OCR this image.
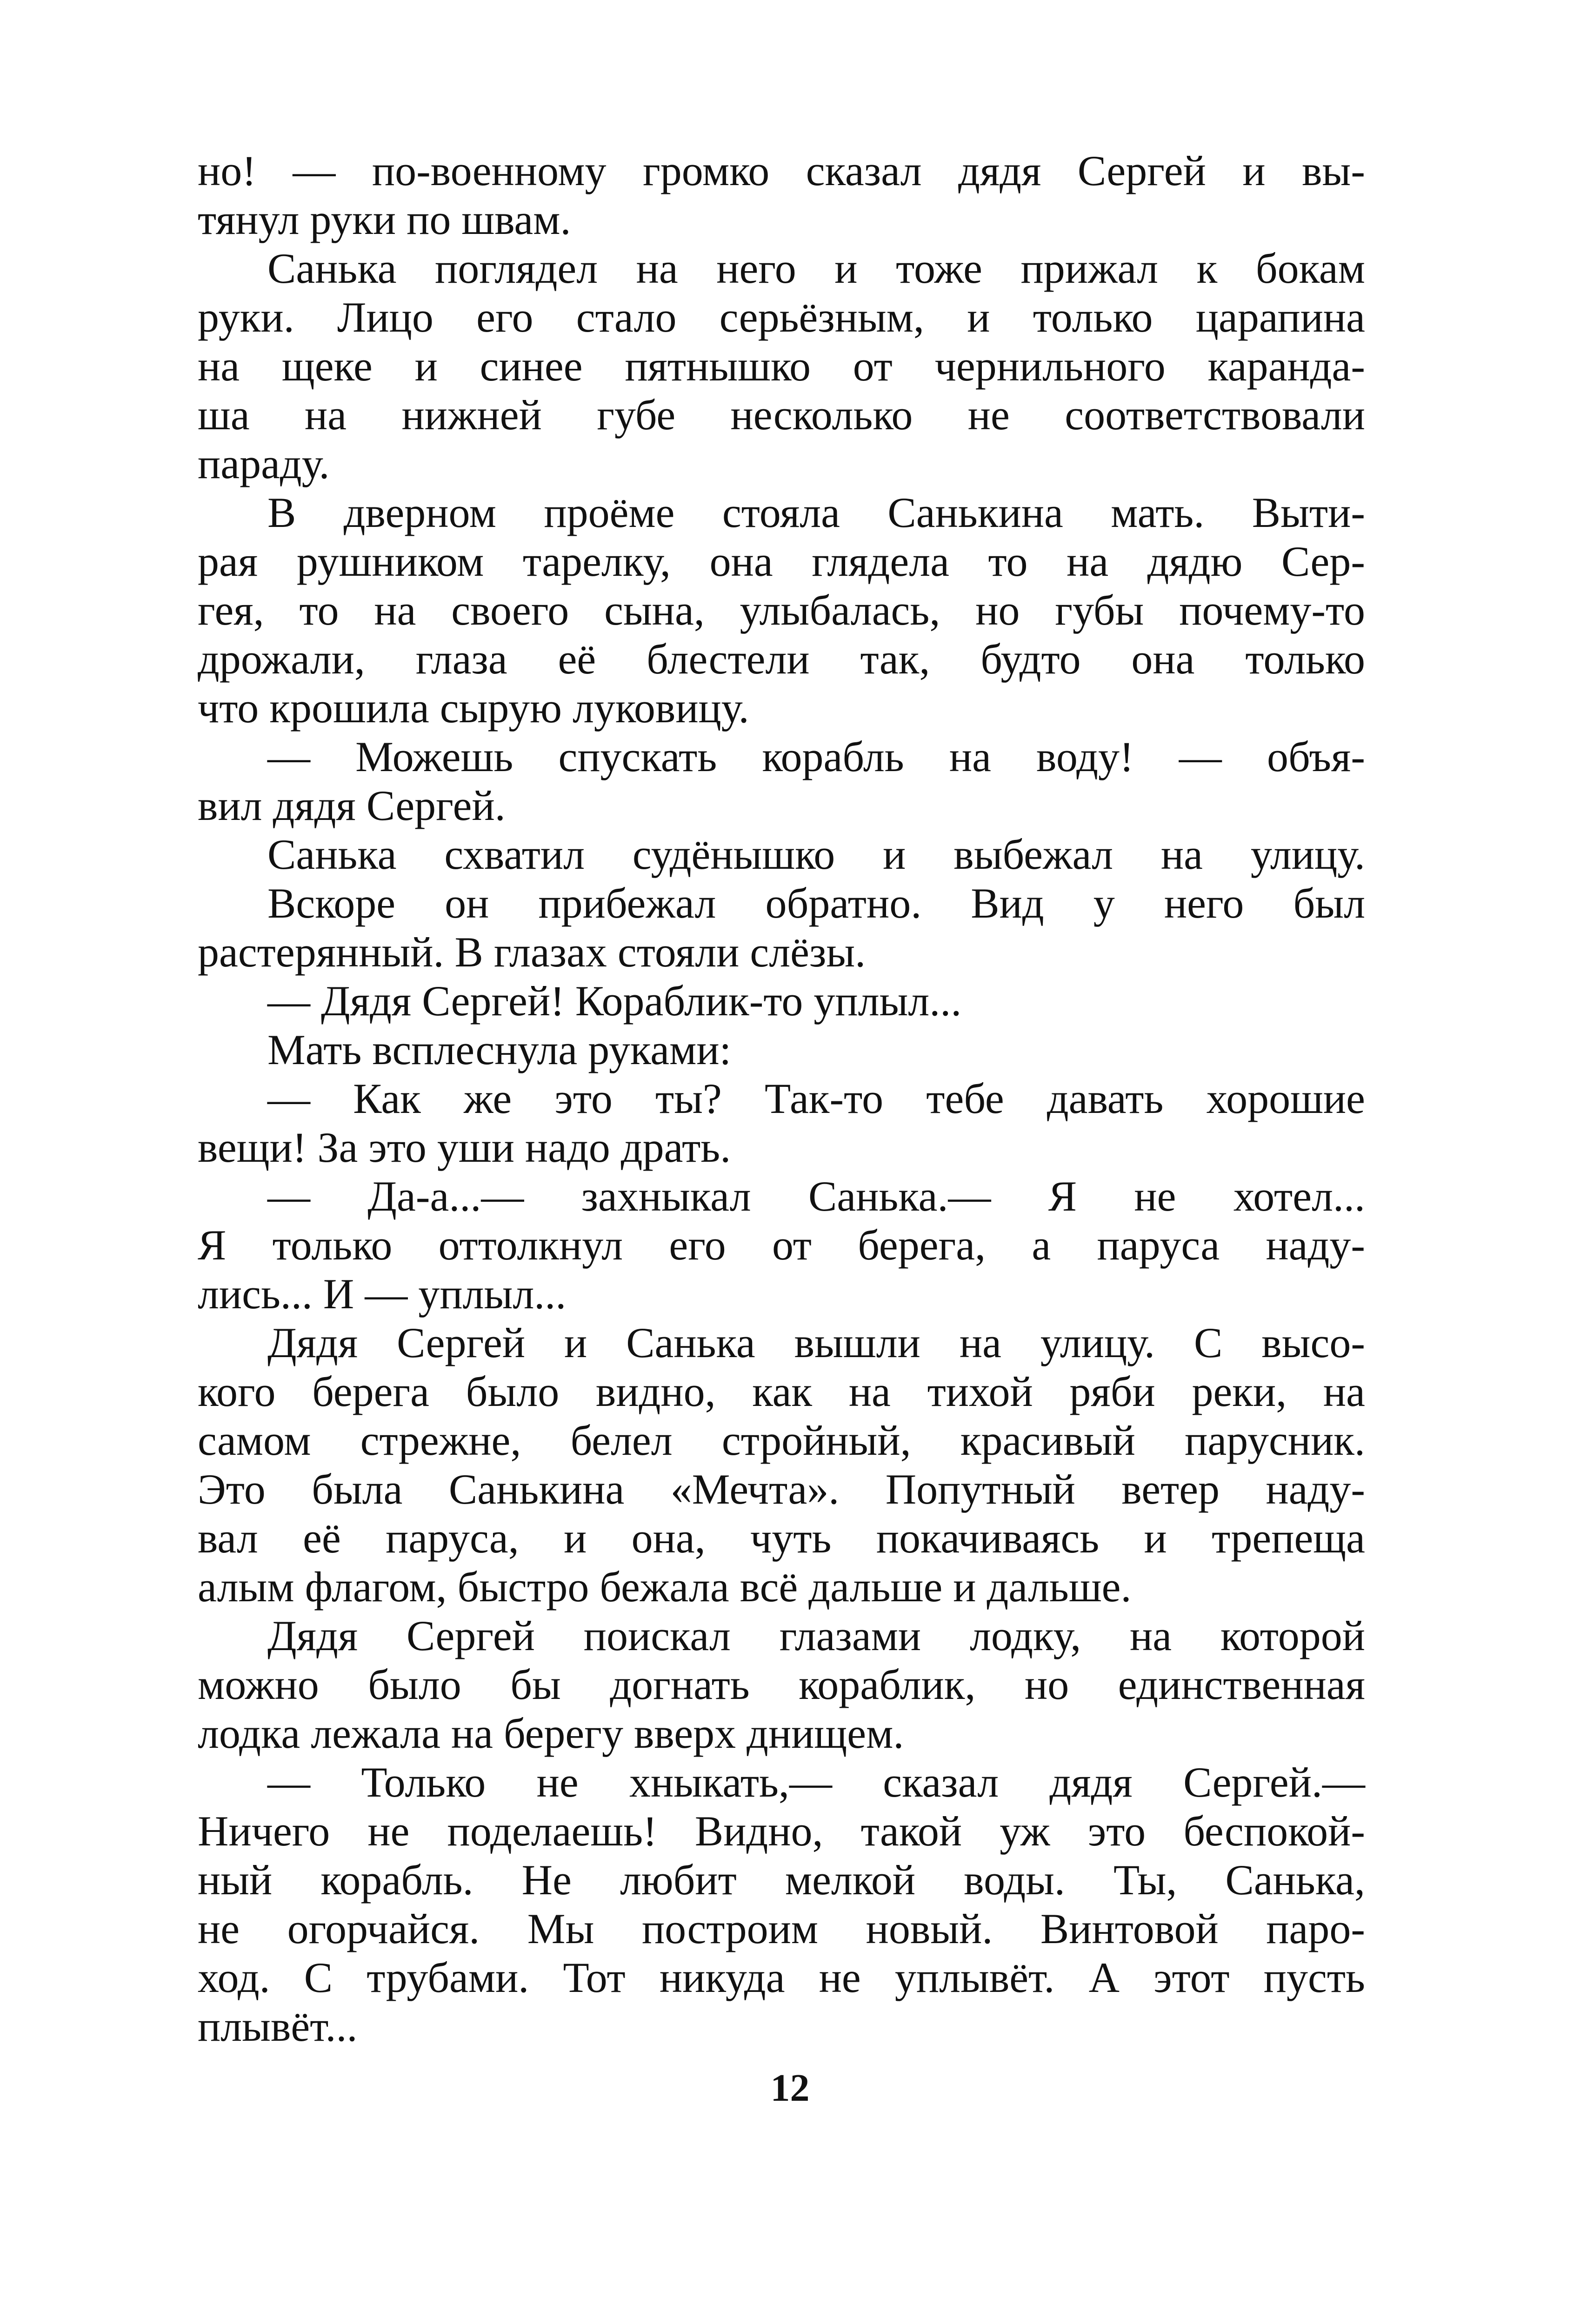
но! — по-военному громко сказал дядя Сергей и вы-
тянул руки по швам.
Санька поглядел на него и тоже прижал к бокам
руки. Лицо его стало серьёзным, и только царапина
на щеке и синее пятнышко от чернильного каранда-
ша на нижней губе несколько не соответствовали
параду.
В дверном проёме стояла Санькина мать. Выти-
рая рушником тарелку, она глядела то на дядю Сер-
гея, то на своего сына, улыбалась, но губы почему-то
дрожали, глаза её блестели так, будто она только
что крошила сырую луковицу.
— Можешь спускать корабль на воду! — объя-
вил дядя Сергей.
Санька схватил судёнышко и выбежал на улицу.
Вскоре он прибежал обратно. Вид у него был
растерянный. В глазах стояли слёзы.
— Дядя Сергей! Кораблик-то уплыл...
Мать всплеснула руками:
— Как же это ты? Так-то тебе давать хорошие
вещи! За это уши надо драть.
— Да-а...— захныкал Санька.— Я не хотел...
Я только оттолкнул его от берега, а паруса наду-
лись... И — уплыл...
Дядя Сергей и Санька вышли на улицу. С высо-
кого берега было видно, как на тихой ряби реки, на
самом стрежне, белел стройный, красивый парусник.
Это была Санькина «Мечта». Попутный ветер наду-
вал её паруса, и она, чуть покачиваясь и трепеща
алым флагом, быстро бежала всё дальше и дальше.
Дядя Сергей поискал глазами лодку, на которой
можно было бы догнать кораблик, но единственная
лодка лежала на берегу вверх днищем.
— Только не хныкать,— сказал дядя Сергей.—
Ничего не поделаешь! Видно, такой уж это беспокой-
ный корабль. Не любит мелкой воды. Ты, Санька,
не огорчайся. Мы построим новый. Винтовой паро-
ход. С трубами. Тот никуда не уплывёт. А этот пусть
плывёт...
12
